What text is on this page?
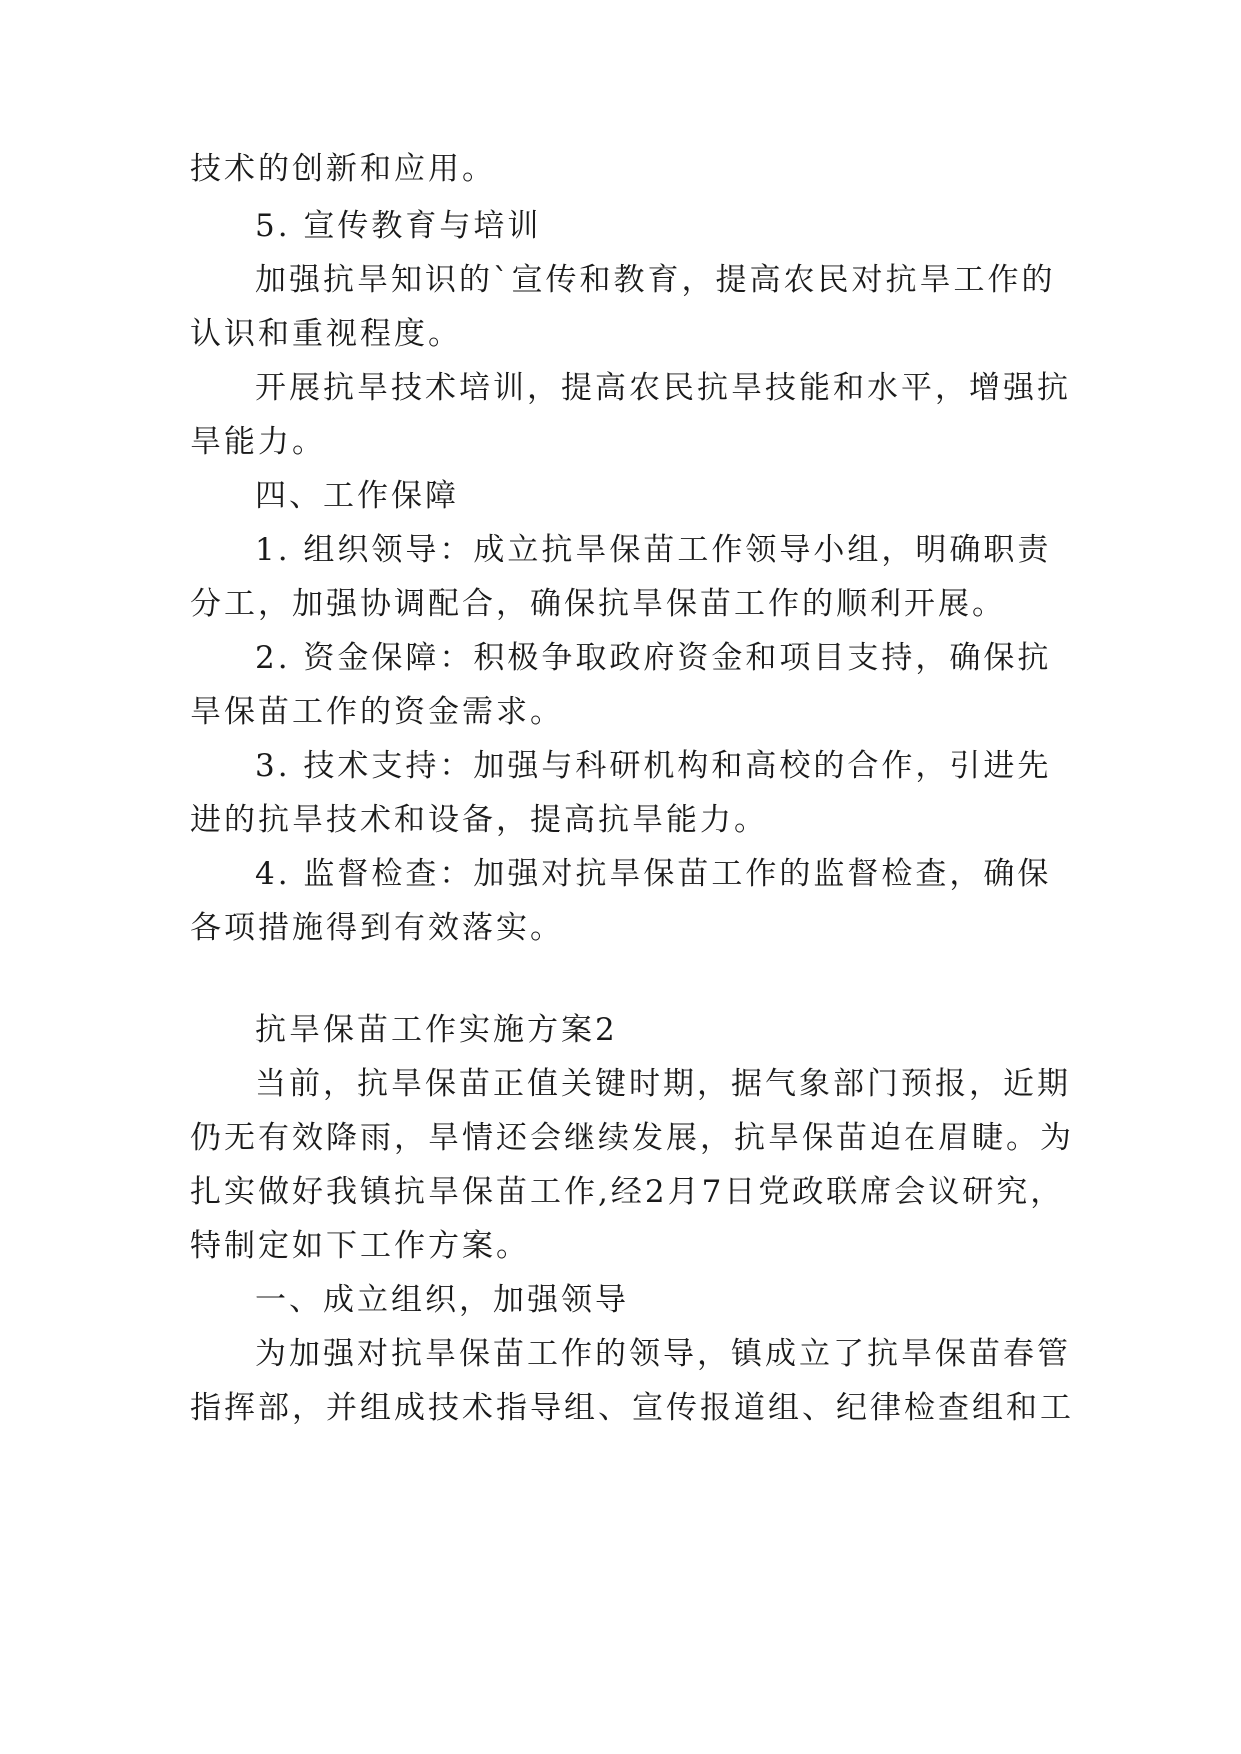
技术的创新和应用。
5. 宣传教育与培训
加强抗旱知识的`宣传和教育，提高农民对抗旱工作的
认识和重视程度。
开展抗旱技术培训，提高农民抗旱技能和水平，增强抗
旱能力。
四、工作保障
1. 组织领导：成立抗旱保苗工作领导小组，明确职责
分工，加强协调配合，确保抗旱保苗工作的顺利开展。
2. 资金保障：积极争取政府资金和项目支持，确保抗
旱保苗工作的资金需求。
3. 技术支持：加强与科研机构和高校的合作，引进先
进的抗旱技术和设备，提高抗旱能力。
4. 监督检查：加强对抗旱保苗工作的监督检查，确保
各项措施得到有效落实。
抗旱保苗工作实施方案2
当前，抗旱保苗正值关键时期，据气象部门预报，近期
仍无有效降雨，旱情还会继续发展，抗旱保苗迫在眉睫。为
扎实做好我镇抗旱保苗工作,经2月7日党政联席会议研究，
特制定如下工作方案。
一、成立组织，加强领导
为加强对抗旱保苗工作的领导，镇成立了抗旱保苗春管
指挥部，并组成技术指导组、宣传报道组、纪律检查组和工
